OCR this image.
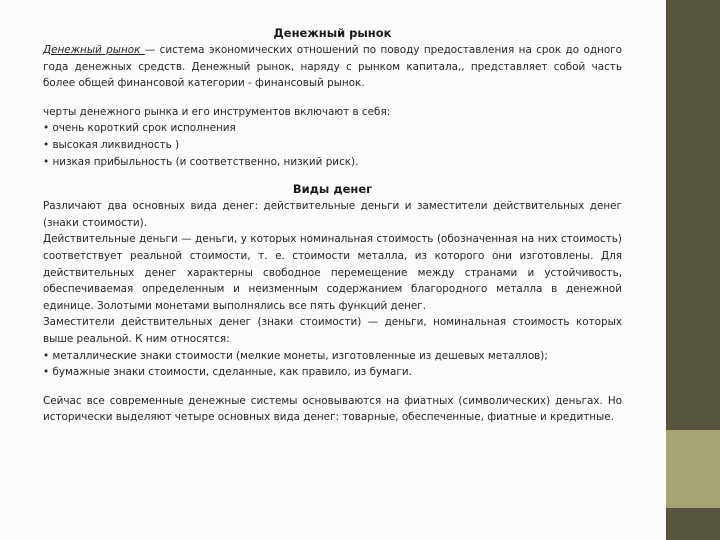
Денежный рынок

Денежный рынок — система экономических отношений по поводу предоставления на срок до одного года денежных средств. Денежный рынок, наряду с рынком капитала,, представляет собой часть более общей финансовой категории - финансовый рынок.

черты денежного рынка и его инструментов включают в себя:

• очень короткий срок исполнения
• высокая ликвидность )
• низкая прибыльность (и соответственно, низкий риск).
Виды денег

Различают два основных вида денег: действительные деньги и заместители действительных денег (знаки стоимости).

Действительные деньги — деньги, у которых номинальная стоимость (обозначенная на них стоимость) соответствует реальной стоимости, т. е. стоимости металла, из которого они изготовлены. Для действительных денег характерны свободное перемещение между странами и устойчивость, обеспечиваемая определенным и неизменным содержанием благородного металла в денежной единице. Золотыми монетами выполнялись все пять функций денег.

Заместители действительных денег (знаки стоимости) — деньги, номинальная стоимость которых выше реальной. К ним относятся:

• металлические знаки стоимости (мелкие монеты, изготовленные из дешевых металлов);
• бумажные знаки стоимости, сделанные, как правило, из бумаги.

Сейчас все современные денежные системы основываются на фиатных (символических) деньгах. Но исторически выделяют четыре основных вида денег: товарные, обеспеченные, фиатные и кредитные.
